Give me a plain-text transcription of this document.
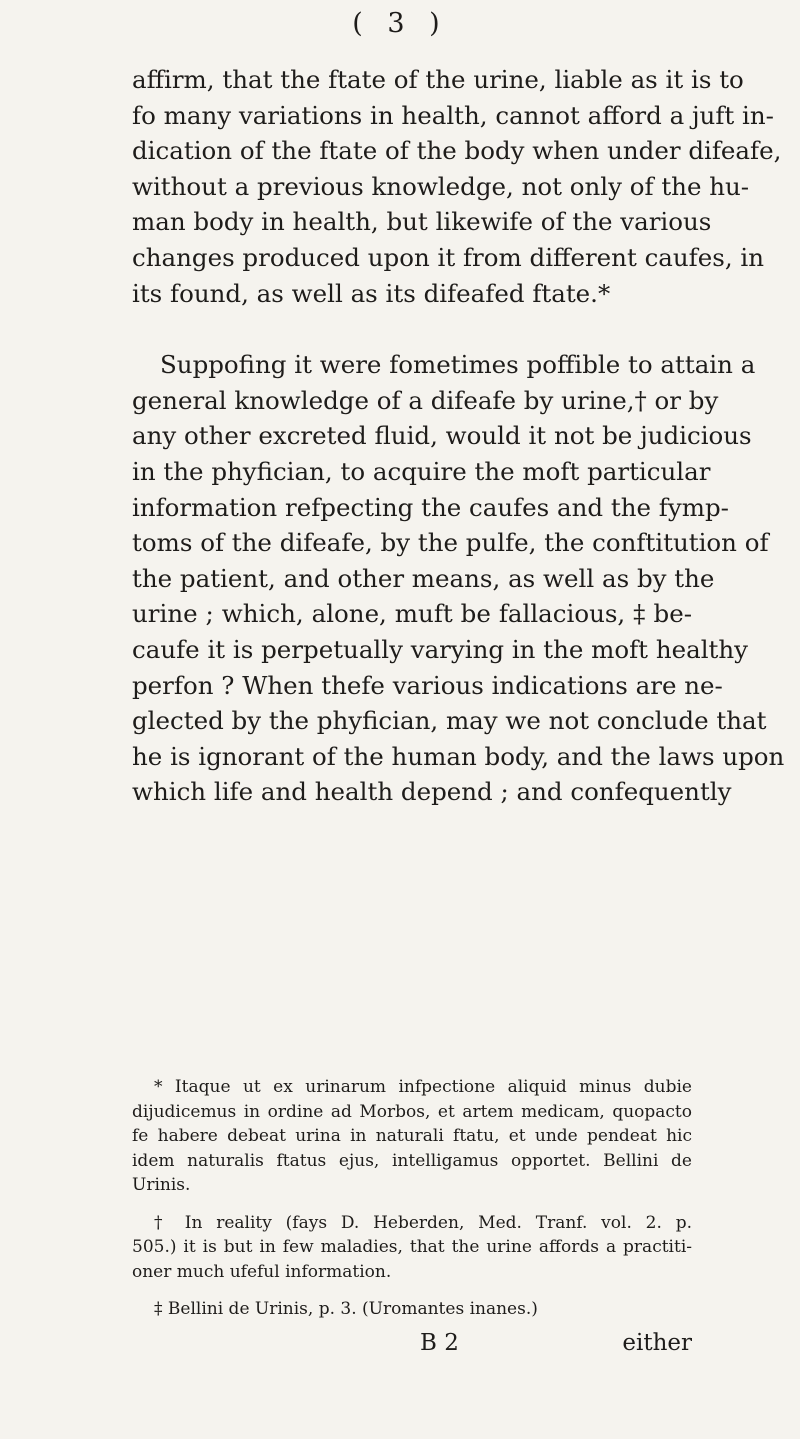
( 3 )
affirm, that the ftate of the urine, liable as it is to
fo many variations in health, cannot afford a juft in-
dication of the ftate of the body when under difeafe,
without a previous knowledge, not only of the hu-
man body in health, but likewife of the various
changes produced upon it from different caufes, in
its found, as well as its difeafed ftate.*
Suppofing it were fometimes poffible to attain a
general knowledge of a difeafe by urine,† or by
any other excreted fluid, would it not be judicious
in the phyfician, to acquire the moft particular
information refpecting the caufes and the fymp-
toms of the difeafe, by the pulfe, the conftitution of
the patient, and other means, as well as by the
urine ; which, alone, muft be fallacious, ‡ be-
caufe it is perpetually varying in the moft healthy
perfon ? When thefe various indications are ne-
glected by the phyfician, may we not conclude that
he is ignorant of the human body, and the laws upon
which life and health depend ; and confequently
* Itaque ut ex urinarum infpectione aliquid minus dubie
dijudicemus in ordine ad Morbos, et artem medicam, quopacto
fe habere debeat urina in naturali ftatu, et unde pendeat hic
idem naturalis ftatus ejus, intelligamus opportet. Bellini de
Urinis.
† In reality (fays D. Heberden, Med. Tranf. vol. 2. p.
505.) it is but in few maladies, that the urine affords a practiti-
oner much ufeful information.
‡ Bellini de Urinis, p. 3. (Uromantes inanes.)
B 2	either
